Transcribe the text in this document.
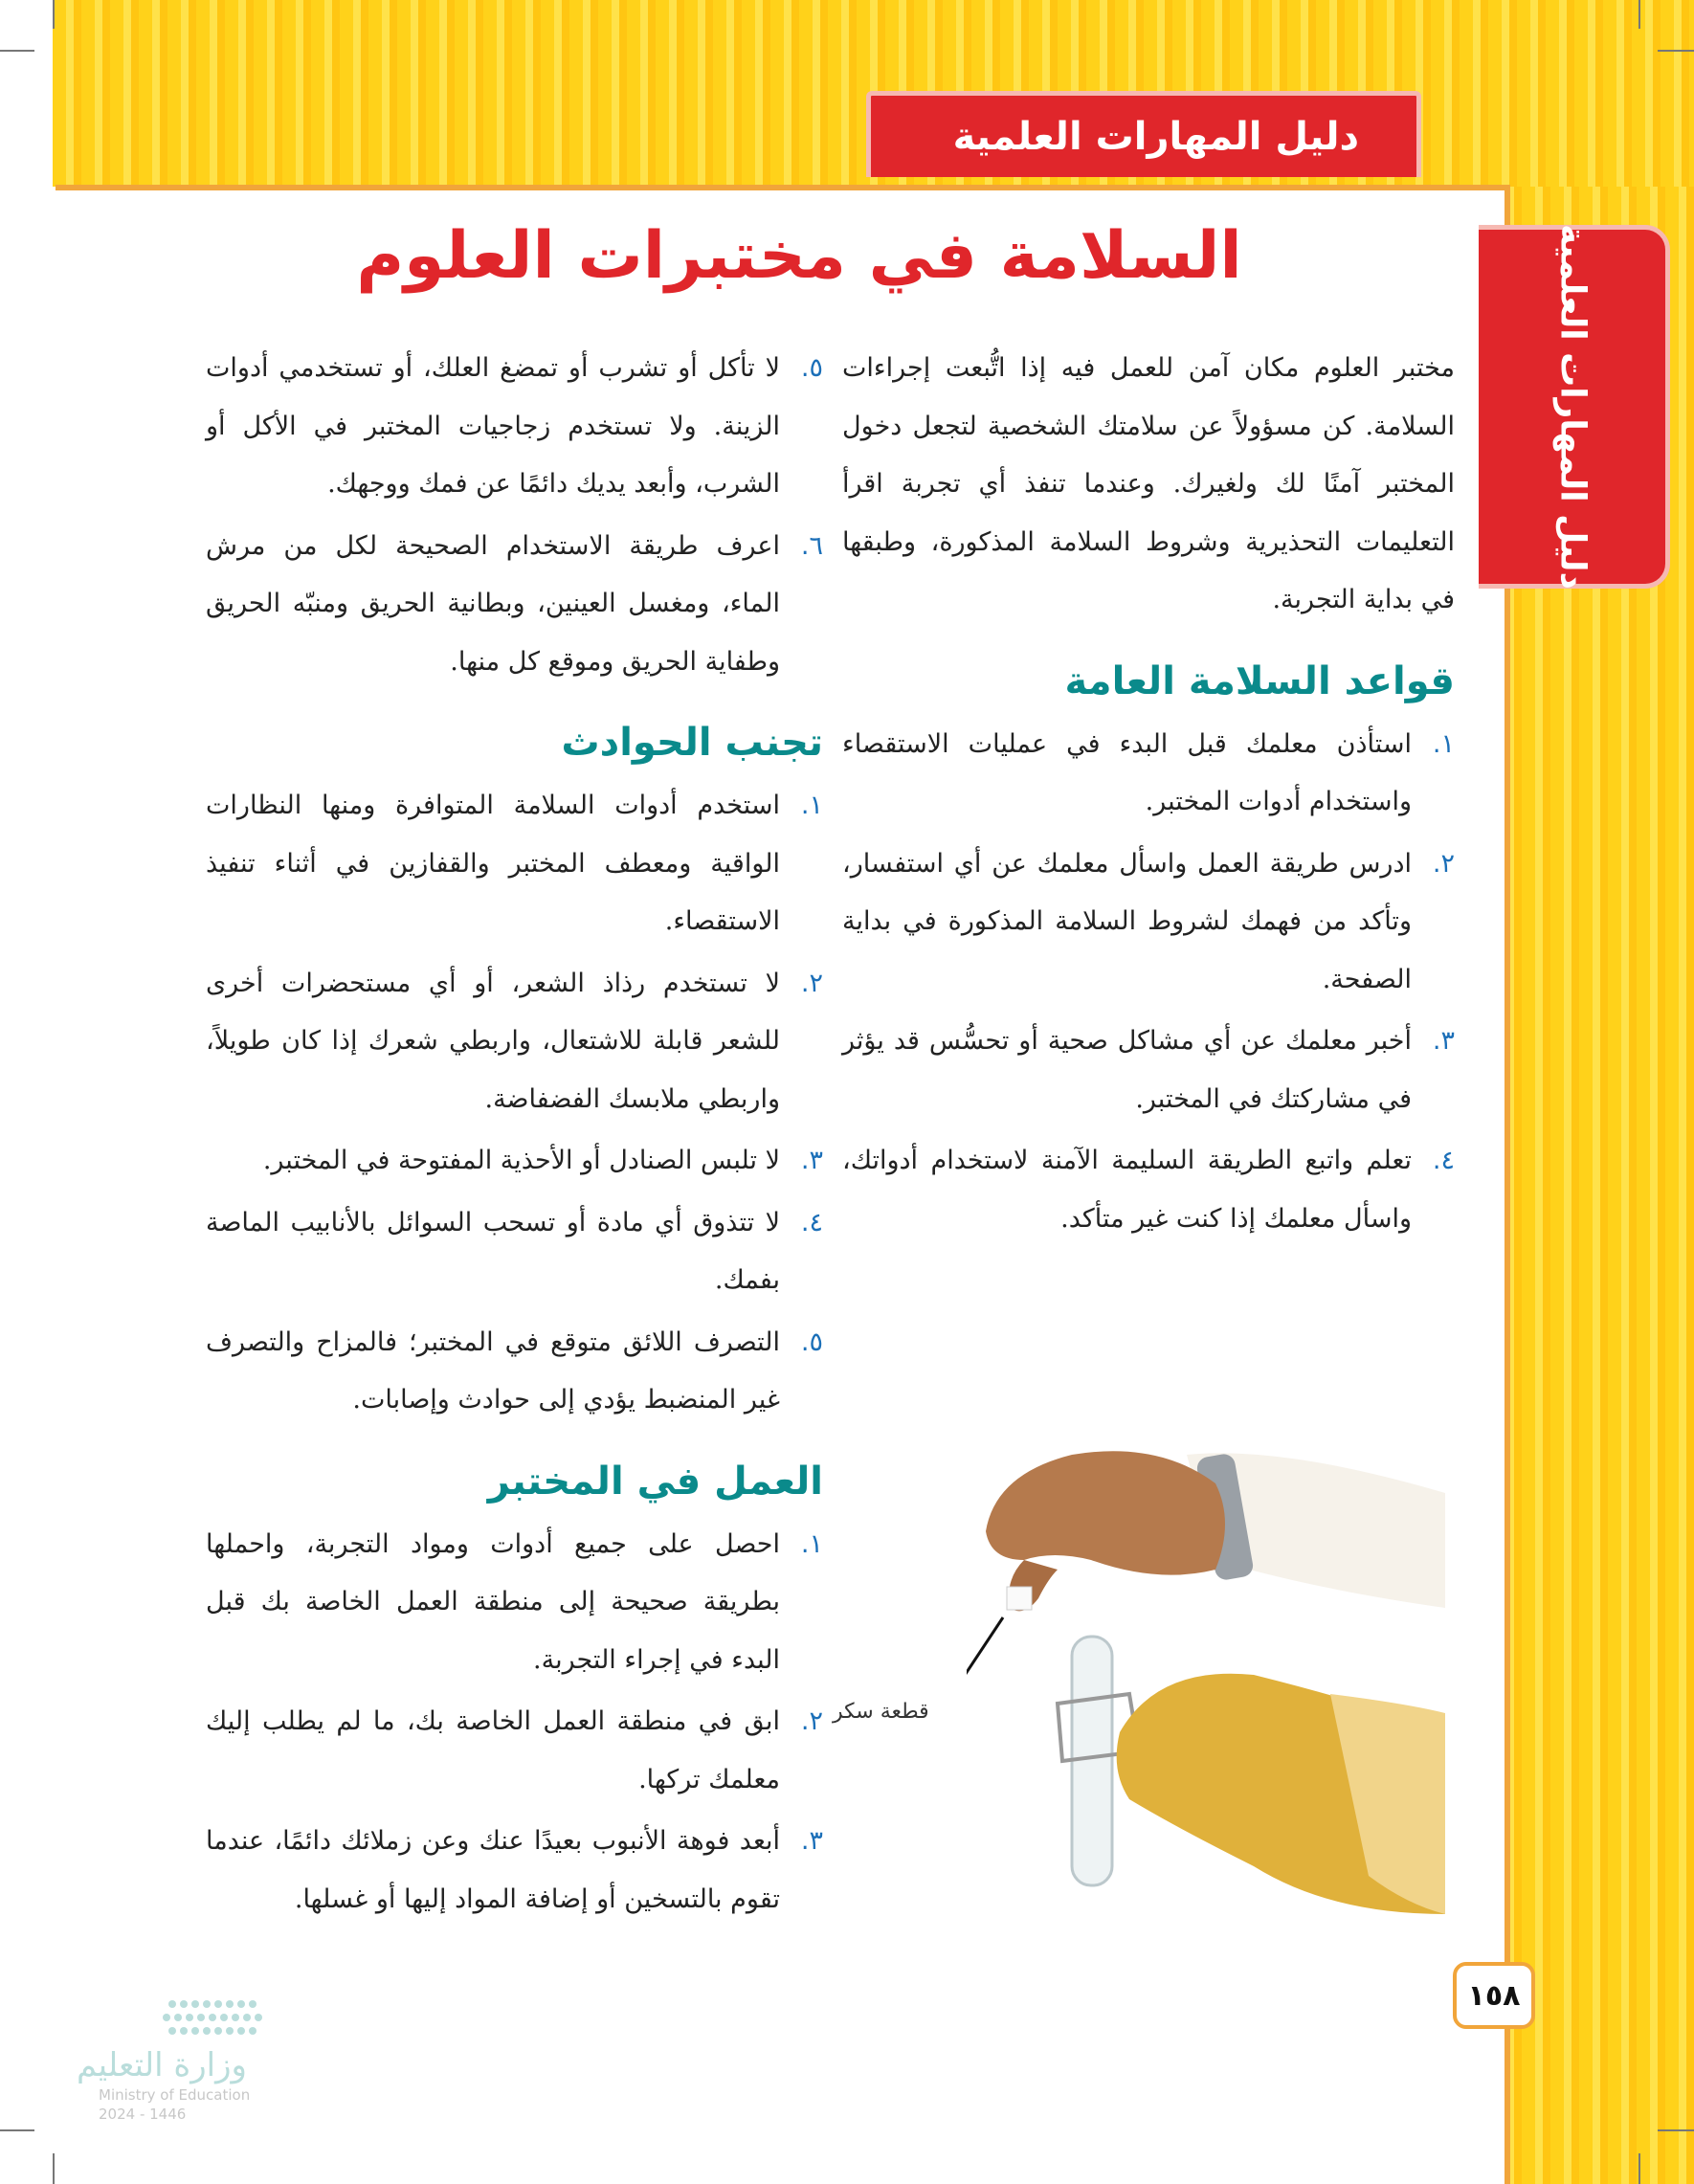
دليل المهارات العلمية
دليل المهارات العلمية
السلامة في مختبرات العلوم

مختبر العلوم مكان آمن للعمل فيه إذا اتُّبعت إجراءات السلامة. كن مسؤولاً عن سلامتك الشخصية لتجعل دخول المختبر آمنًا لك ولغيرك. وعندما تنفذ أي تجربة اقرأ التعليمات التحذيرية وشروط السلامة المذكورة، وطبقها في بداية التجربة.

قواعد السلامة العامة
١.
استأذن معلمك قبل البدء في عمليات الاستقصاء واستخدام أدوات المختبر.
٢.
ادرس طريقة العمل واسأل معلمك عن أي استفسار، وتأكد من فهمك لشروط السلامة المذكورة في بداية الصفحة.
٣.
أخبر معلمك عن أي مشاكل صحية أو تحسُّس قد يؤثر في مشاركتك في المختبر.
٤.
تعلم واتبع الطريقة السليمة الآمنة لاستخدام أدواتك، واسأل معلمك إذا كنت غير متأكد.
٥.
لا تأكل أو تشرب أو تمضغ العلك، أو تستخدمي أدوات الزينة. ولا تستخدم زجاجيات المختبر في الأكل أو الشرب، وأبعد يديك دائمًا عن فمك ووجهك.
٦.
اعرف طريقة الاستخدام الصحيحة لكل من مرش الماء، ومغسل العينين، وبطانية الحريق ومنبّه الحريق وطفاية الحريق وموقع كل منها.
تجنب الحوادث
١.
استخدم أدوات السلامة المتوافرة ومنها النظارات الواقية ومعطف المختبر والقفازين في أثناء تنفيذ الاستقصاء.
٢.
لا تستخدم رذاذ الشعر، أو أي مستحضرات أخرى للشعر قابلة للاشتعال، واربطي شعرك إذا كان طويلاً، واربطي ملابسك الفضفاضة.
٣.
لا تلبس الصنادل أو الأحذية المفتوحة في المختبر.
٤.
لا تتذوق أي مادة أو تسحب السوائل بالأنابيب الماصة بفمك.
٥.
التصرف اللائق متوقع في المختبر؛ فالمزاح والتصرف غير المنضبط يؤدي إلى حوادث وإصابات.
العمل في المختبر
١.
احصل على جميع أدوات ومواد التجربة، واحملها بطريقة صحيحة إلى منطقة العمل الخاصة بك قبل البدء في إجراء التجربة.
٢.
ابق في منطقة العمل الخاصة بك، ما لم يطلب إليك معلمك تركها.
٣.
أبعد فوهة الأنبوب بعيدًا عنك وعن زملائك دائمًا، عندما تقوم بالتسخين أو إضافة المواد إليها أو غسلها.
قطعة سكر
١٥٨
وزارة التعليم
Ministry of Education
2024 - 1446
